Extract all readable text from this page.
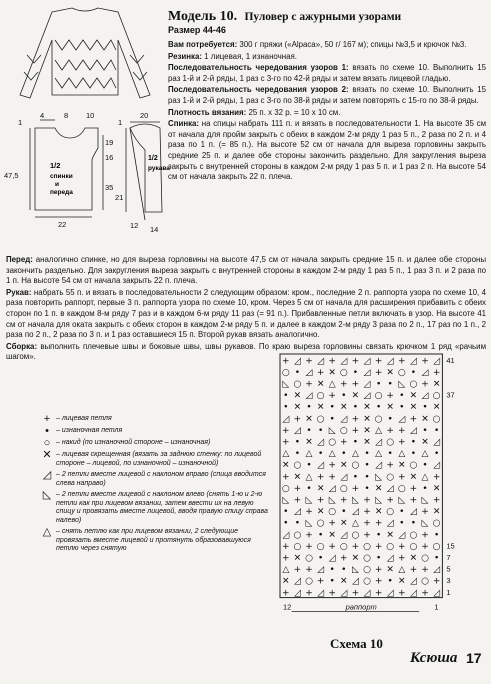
1/2
спинки
и
переда
1/2
рукава
1
4	8 10
19
16
47,5
35
21
22
1
20
14
12
Модель 10. Пуловер с ажурными узорами
Размер 44-46

Вам потребуется: 300 г пряжи («Alpaca», 50 г/ 167 м); спицы №3,5 и крючок №3.

Резинка: 1 лицевая, 1 изнаночная.

Последовательность чередования узоров 1: вязать по схеме 10. Выполнить 15 раз 1-й и 2-й ряды, 1 раз с 3-го по 42-й ряды и затем вязать лицевой гладью.

Последовательность чередования узоров 2: вязать по схеме 10. Выполнить 15 раз 1-й и 2-й ряды, 1 раз с 3-го по 38-й ряды и затем повторять с 15-го по 38-й ряды.

Плотность вязания: 25 п. х 32 р. = 10 х 10 см.

Спинка: на спицы набрать 111 п. и вязать в последовательности 1. На высоте 35 см от начала для пройм закрыть с обеих в каждом 2-м ряду 1 раз 5 п., 2 раза по 2 п. и 4 раза по 1 п. (= 85 п.). На высоте 52 см от начала для выреза горловины закрыть средние 25 п. и далее обе стороны закончить раздельно. Для закругления выреза закрыть с внутренней стороны в каждом 2-м ряду 1 раз 5 п. и 1 раз 2 п. На высоте 54 см от начала закрыть 22 п. плеча.

Перед: аналогично спинке, но для выреза горловины на высоте 47,5 см от начала закрыть средние 15 п. и далее обе стороны закончить раздельно. Для закругления выреза закрыть с внутренней стороны в каждом 2-м ряду 1 раз 5 п., 1 раз 3 п. и 2 раза по 1 п. На высоте 54 см от начала закрыть 22 п. плеча.

Рукав: набрать 55 п. и вязать в последовательности 2 следующим образом: кром., последние 2 п. раппорта узора по схеме 10, 4 раза повторить раппорт, первые 3 п. раппорта узора по схеме 10, кром. Через 5 см от начала для расширения прибавить с обеих сторон по 1 п. в каждом 8-м ряду 7 раз и в каждом 6-м ряду 11 раз (= 91 п.). Прибавленные петли включать в узор. На высоте 41 см от начала для оката закрыть с обеих сторон в каждом 2-м ряду 5 п. и далее в каждом 2-м ряду 3 раза по 2 п., 17 раз по 1 п., 2 раза по 2 п., 2 раза по 3 п. и 1 раз оставшиеся 15 п. Второй рукав вязать аналогично.

Сборка: выполнить плечевые швы и боковые швы, швы рукавов. По краю выреза горловины связать крючком 1 ряд «рачьим шагом».

+ – лицевая петля
•	– изнаночная петля
○ – накид (по изнаночной стороне – изнаночная)
✕ – лицевая скрещенная (вязать за заднюю стенку: по лицевой стороне – лицевой, по изнаночной – изнаночной)
◿ – 2 петли вместе лицевой с наклоном вправо (спица вводится слева направо)
◺ – 2 петли вместе лицевой с наклоном влево (снять 1-ю и 2-ю петли как при лицевом вязании, затем ввести их на левую спицу и провязать вместе лицевой, вводя правую спицу справа налево)
△ – снять петлю как при лицевом вязании, 2 следующие провязать вместе лицевой и протянуть образовавшуюся петлю через снятую
+ ◿ + ◿ + ◿ + ◿ + ◿ + ◿ + ◿
○ • ◿ + ✕ ○ • ◿ + ✕ ○ • ◿ +
◺ ○ + ✕ △ + + ◿ • • ◺ ○ + ✕
• ✕ ◿ ○ + • ✕ ◿ ○ + • ✕ ◿ ○
• ✕ • ✕ • ✕ • ✕ • ✕ • ✕ • ✕
◿ + ✕ ○ • ◿ + ✕ ○ • ◿ + ✕ ○
+ ◿ • • ◺ ○ + ✕ △ + + ◿ • •
+ • ✕ ◿ ○ + • ✕ ◿ ○ + • ✕ ◿
△ • △ • △ • △ • △ • △ • △ •
✕ ○ • ◿ + ✕ ○ • ◿ + ✕ ○ • ◿
+ ✕ △ + + ◿ • • ◺ ○ + ✕ △ +
○ + • ✕ ◿ ○ + • ✕ ◿ ○ + • ✕
◺ + ◺ + ◺ + ◺ + ◺ + ◺ + ◺ +
• ◿ + ✕ ○ • ◿ + ✕ ○ • ◿ + ✕
• • ◺ ○ + ✕ △ + + ◿ • • ◺ ○
◿ ○ + • ✕ ◿ ○ + • ✕ ◿ ○ + •
+ ○ + ○ + ○ + ○ + ○ + ○ + ○
+ ✕ ○ • ◿ + ✕ ○ • ◿ + ✕ ○ •
△ + + ◿ • • ◺ ○ + ✕ △ + + ◿
✕ ◿ ○ + • ✕ ◿ ○ + • ✕ ◿ ○ +
+ ◿ + ◿ + ◿ + ◿ + ◿ + ◿ + ◿
41
37
15
7
5
3
1
раппорт
12	1
Схема 10
Ксюша 17
